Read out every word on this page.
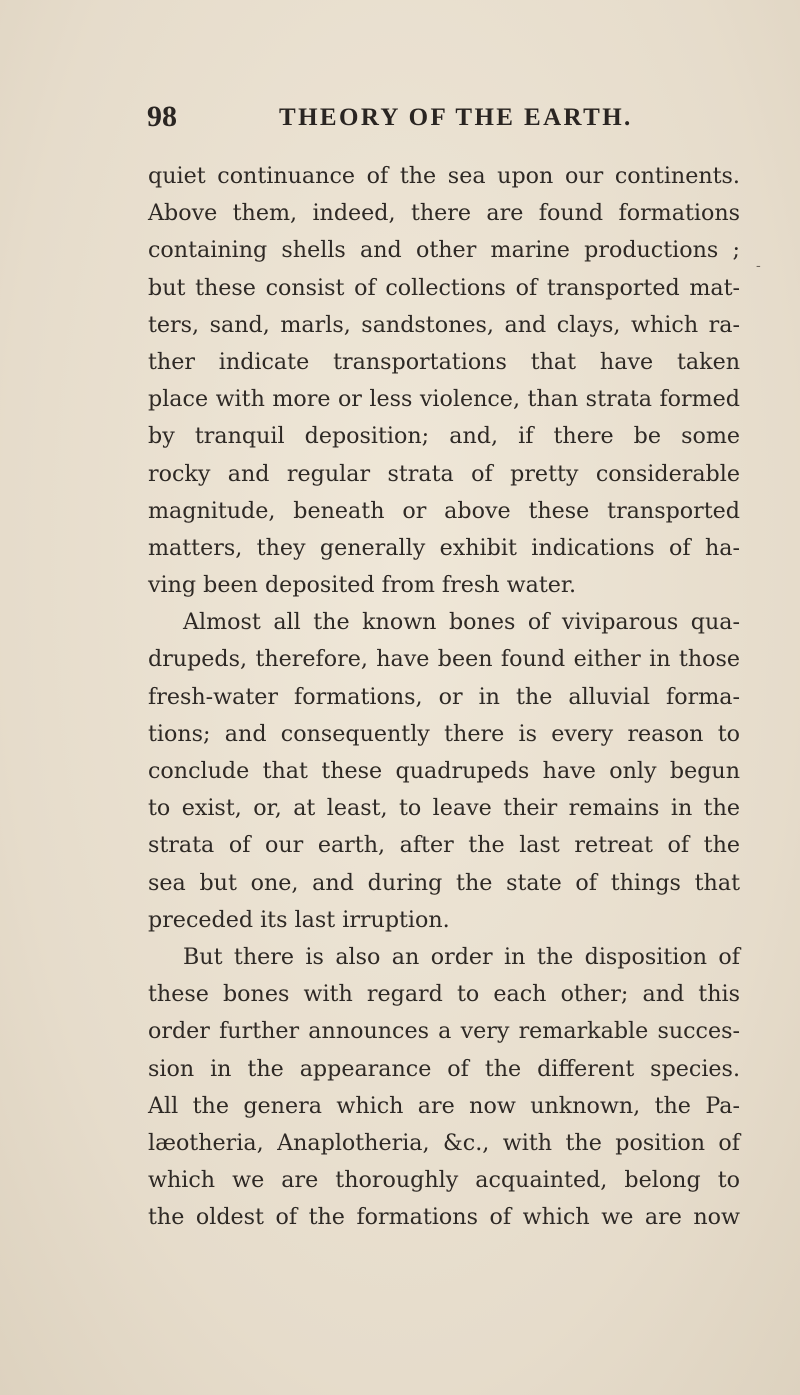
98	THEORY OF THE EARTH.
-
quiet continuance of the sea upon our continents.
Above them, indeed, there are found formations
containing shells and other marine productions ;
but these consist of collections of transported mat-
ters, sand, marls, sandstones, and clays, which ra-
ther indicate transportations that have taken
place with more or less violence, than strata formed
by tranquil deposition; and, if there be some
rocky and regular strata of pretty considerable
magnitude, beneath or above these transported
matters, they generally exhibit indications of ha-
ving been deposited from fresh water.
Almost all the known bones of viviparous qua-
drupeds, therefore, have been found either in those
fresh-water formations, or in the alluvial forma-
tions; and consequently there is every reason to
conclude that these quadrupeds have only begun
to exist, or, at least, to leave their remains in the
strata of our earth, after the last retreat of the
sea but one, and during the state of things that
preceded its last irruption.
But there is also an order in the disposition of
these bones with regard to each other; and this
order further announces a very remarkable succes-
sion in the appearance of the different species.
All the genera which are now unknown, the Pa-
læotheria, Anaplotheria, &c., with the position of
which we are thoroughly acquainted, belong to
the oldest of the formations of which we are now
